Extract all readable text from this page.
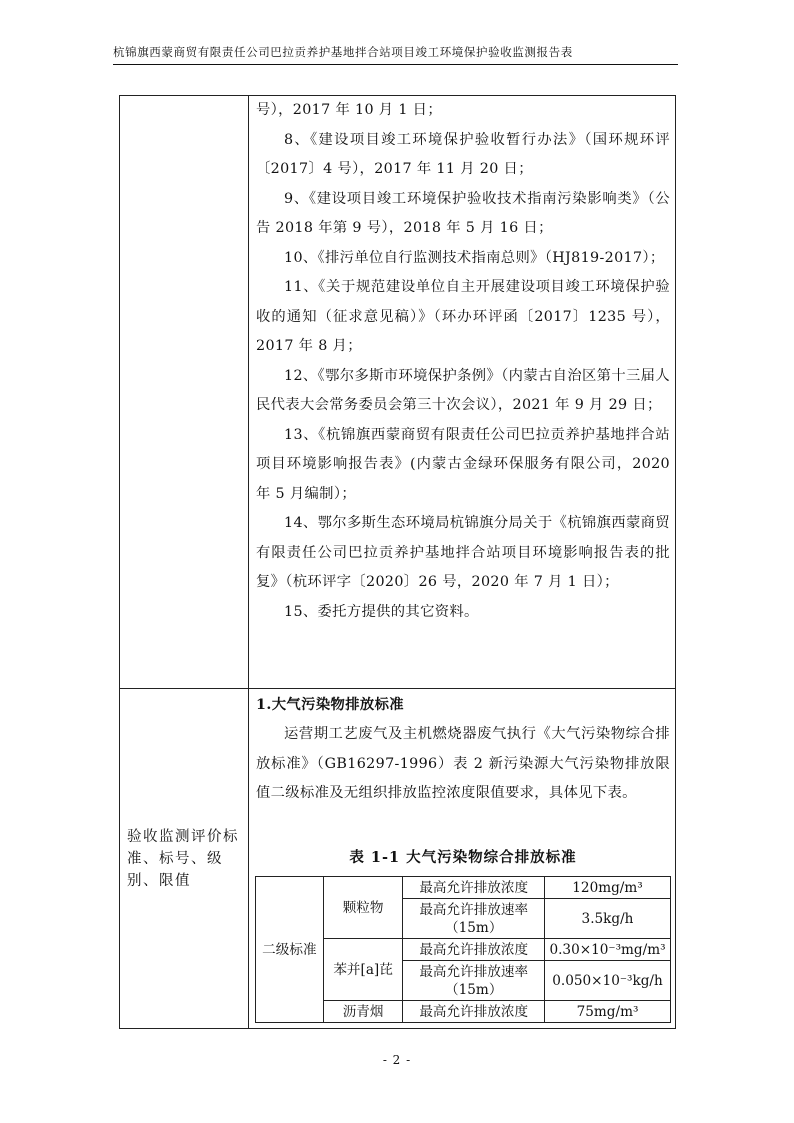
杭锦旗西蒙商贸有限责任公司巴拉贡养护基地拌合站项目竣工环境保护验收监测报告表
号），2017 年 10 月 1 日；
8、《建设项目竣工环境保护验收暂行办法》（国环规环评〔2017〕4 号），2017 年 11 月 20 日；
9、《建设项目竣工环境保护验收技术指南污染影响类》（公告 2018 年第 9 号），2018 年 5 月 16 日；
10、《排污单位自行监测技术指南总则》（HJ819-2017）；
11、《关于规范建设单位自主开展建设项目竣工环境保护验收的通知（征求意见稿）》（环办环评函〔2017〕1235 号），2017 年 8 月；
12、《鄂尔多斯市环境保护条例》（内蒙古自治区第十三届人民代表大会常务委员会第三十次会议），2021 年 9 月 29 日；
13、《杭锦旗西蒙商贸有限责任公司巴拉贡养护基地拌合站项目环境影响报告表》(内蒙古金绿环保服务有限公司，2020 年 5 月编制）；
14、鄂尔多斯生态环境局杭锦旗分局关于《杭锦旗西蒙商贸有限责任公司巴拉贡养护基地拌合站项目环境影响报告表的批复》（杭环评字〔2020〕26 号，2020 年 7 月 1 日）；
15、委托方提供的其它资料。
1.大气污染物排放标准
运营期工艺废气及主机燃烧器废气执行《大气污染物综合排放标准》（GB16297-1996）表 2 新污染源大气污染物排放限值二级标准及无组织排放监控浓度限值要求，具体见下表。
验收监测评价标准、标号、级别、限值
表 1-1 大气污染物综合排放标准
二级标准	颗粒物	最高允许排放浓度	120mg/m³
		最高允许排放速率（15m）	3.5kg/h
	苯并[a]芘	最高允许排放浓度	0.30×10⁻³mg/m³
		最高允许排放速率（15m）	0.050×10⁻³kg/h
	沥青烟	最高允许排放浓度	75mg/m³
- 2 -
